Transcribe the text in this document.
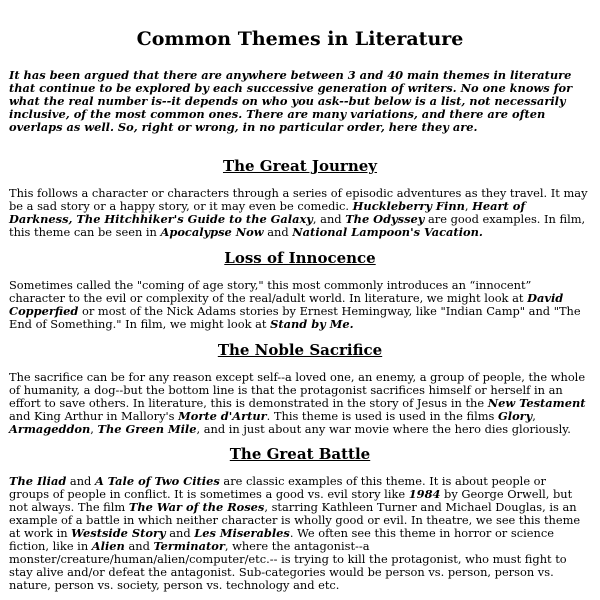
Common Themes in Literature

It has been argued that there are anywhere between 3 and 40 main themes in literature that continue to be explored by each successive generation of writers. No one knows for what the real number is--it depends on who you ask--but below is a list, not necessarily inclusive, of the most common ones. There are many variations, and there are often overlaps as well. So, right or wrong, in no particular order, here they are.

The Great Journey

This follows a character or characters through a series of episodic adventures as they travel. It may be a sad story or a happy story, or it may even be comedic. Huckleberry Finn, Heart of Darkness, The Hitchhiker's Guide to the Galaxy, and The Odyssey are good examples. In film, this theme can be seen in Apocalypse Now and National Lampoon's Vacation.

Loss of Innocence

Sometimes called the "coming of age story," this most commonly introduces an “innocent” character to the evil or complexity of the real/adult world. In literature, we might look at David Copperfied or most of the Nick Adams stories by Ernest Hemingway, like "Indian Camp" and "The End of Something." In film, we might look at Stand by Me.

The Noble Sacrifice

The sacrifice can be for any reason except self--a loved one, an enemy, a group of people, the whole of humanity, a dog--but the bottom line is that the protagonist sacrifices himself or herself in an effort to save others. In literature, this is demonstrated in the story of Jesus in the New Testament and King Arthur in Mallory's Morte d'Artur. This theme is used is used in the films Glory, Armageddon, The Green Mile, and in just about any war movie where the hero dies gloriously.

The Great Battle

The Iliad and A Tale of Two Cities are classic examples of this theme. It is about people or groups of people in conflict. It is sometimes a good vs. evil story like 1984 by George Orwell, but not always. The film The War of the Roses, starring Kathleen Turner and Michael Douglas, is an example of a battle in which neither character is wholly good or evil. In theatre, we see this theme at work in Westside Story and Les Miserables. We often see this theme in horror or science fiction, like in Alien and Terminator, where the antagonist--a monster/creature/human/alien/computer/etc.-- is trying to kill the protagonist, who must fight to stay alive and/or defeat the antagonist. Sub-categories would be person vs. person, person vs. nature, person vs. society, person vs. technology and etc.
